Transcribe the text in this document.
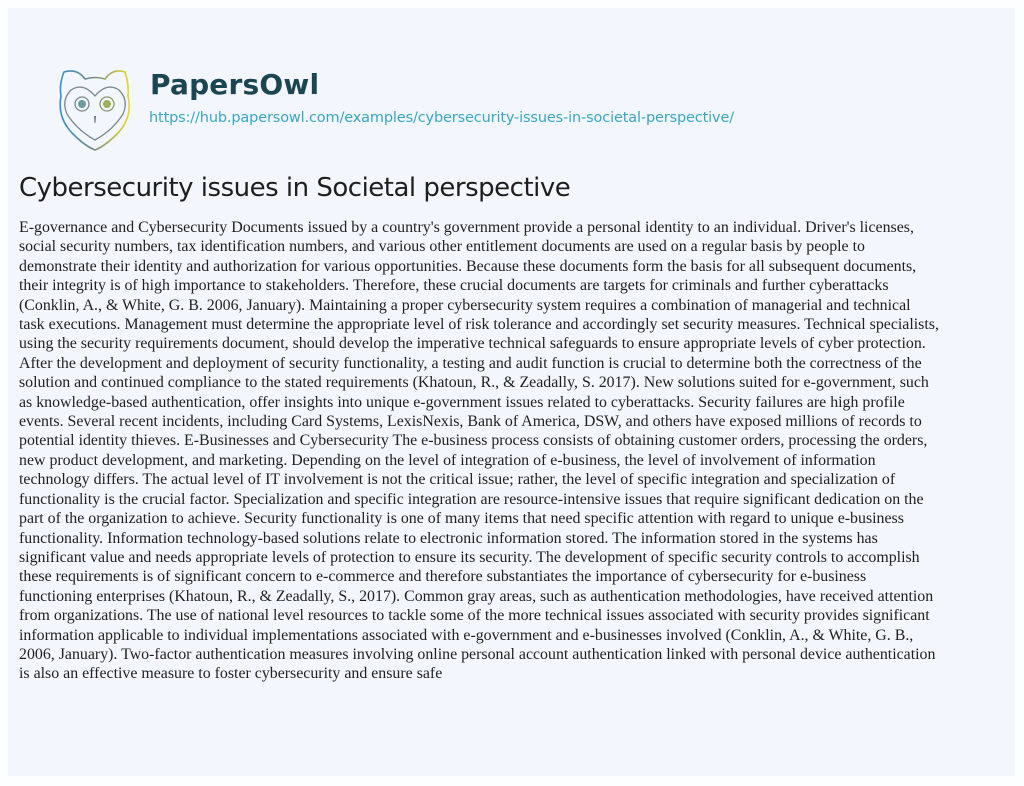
PapersOwl
https://hub.papersowl.com/examples/cybersecurity-issues-in-societal-perspective/
Cybersecurity issues in Societal perspective
E-governance and Cybersecurity Documents issued by a country's government provide a personal identity to an individual. Driver's licenses,
social security numbers, tax identification numbers, and various other entitlement documents are used on a regular basis by people to
demonstrate their identity and authorization for various opportunities. Because these documents form the basis for all subsequent documents,
their integrity is of high importance to stakeholders. Therefore, these crucial documents are targets for criminals and further cyberattacks
(Conklin, A., & White, G. B. 2006, January). Maintaining a proper cybersecurity system requires a combination of managerial and technical
task executions. Management must determine the appropriate level of risk tolerance and accordingly set security measures. Technical specialists,
using the security requirements document, should develop the imperative technical safeguards to ensure appropriate levels of cyber protection.
After the development and deployment of security functionality, a testing and audit function is crucial to determine both the correctness of the
solution and continued compliance to the stated requirements (Khatoun, R., & Zeadally, S. 2017). New solutions suited for e-government, such
as knowledge-based authentication, offer insights into unique e-government issues related to cyberattacks. Security failures are high profile
events. Several recent incidents, including Card Systems, LexisNexis, Bank of America, DSW, and others have exposed millions of records to
potential identity thieves. E-Businesses and Cybersecurity The e-business process consists of obtaining customer orders, processing the orders,
new product development, and marketing. Depending on the level of integration of e-business, the level of involvement of information
technology differs. The actual level of IT involvement is not the critical issue; rather, the level of specific integration and specialization of
functionality is the crucial factor. Specialization and specific integration are resource-intensive issues that require significant dedication on the
part of the organization to achieve. Security functionality is one of many items that need specific attention with regard to unique e-business
functionality. Information technology-based solutions relate to electronic information stored. The information stored in the systems has
significant value and needs appropriate levels of protection to ensure its security. The development of specific security controls to accomplish
these requirements is of significant concern to e-commerce and therefore substantiates the importance of cybersecurity for e-business
functioning enterprises (Khatoun, R., & Zeadally, S., 2017). Common gray areas, such as authentication methodologies, have received attention
from organizations. The use of national level resources to tackle some of the more technical issues associated with security provides significant
information applicable to individual implementations associated with e-government and e-businesses involved (Conklin, A., & White, G. B.,
2006, January). Two-factor authentication measures involving online personal account authentication linked with personal device authentication
is also an effective measure to foster cybersecurity and ensure safe
